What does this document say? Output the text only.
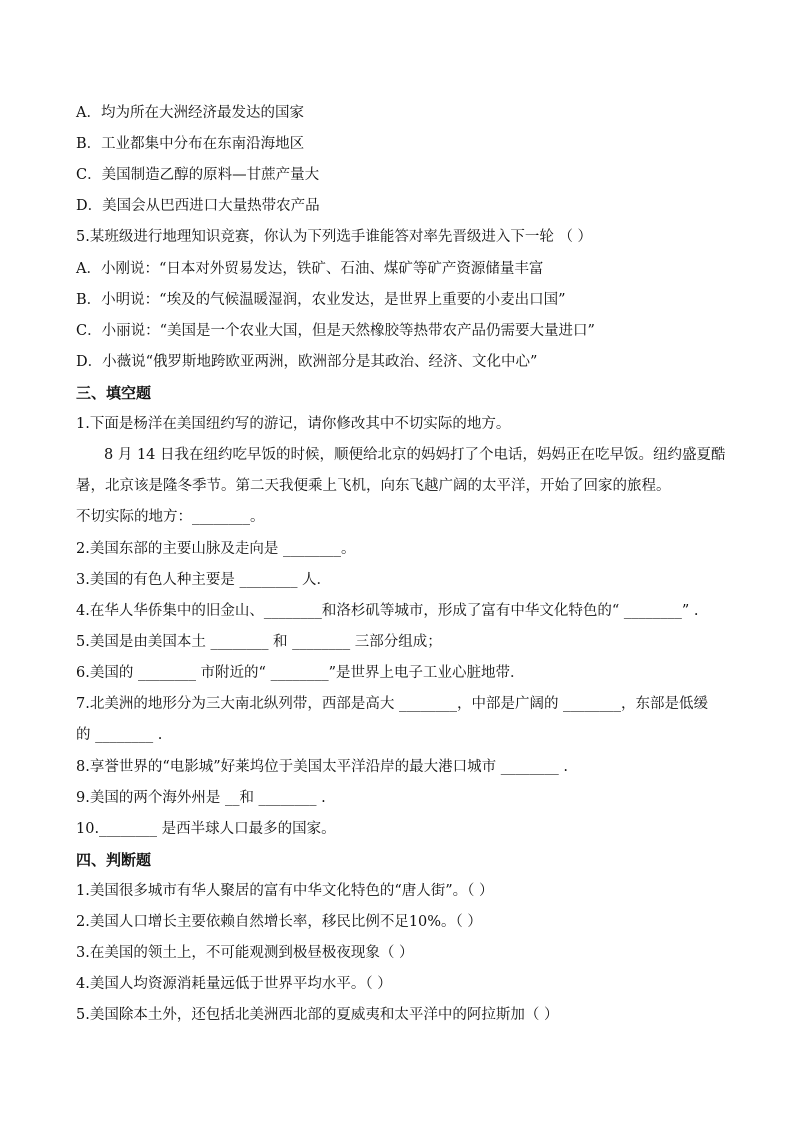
A．均为所在大洲经济最发达的国家
B．工业都集中分布在东南沿海地区
C．美国制造乙醇的原料—甘蔗产量大
D．美国会从巴西进口大量热带农产品
5.某班级进行地理知识竞赛，你认为下列选手谁能答对率先晋级进入下一轮 （ ）
A．小刚说：“日本对外贸易发达，铁矿、石油、煤矿等矿产资源储量丰富
B．小明说：“埃及的气候温暖湿润，农业发达，是世界上重要的小麦出口国”
C．小丽说：“美国是一个农业大国，但是天然橡胶等热带农产品仍需要大量进口”
D．小薇说“俄罗斯地跨欧亚两洲，欧洲部分是其政治、经济、文化中心”
三、填空题
1.下面是杨洋在美国纽约写的游记，请你修改其中不切实际的地方。
8 月 14 日我在纽约吃早饭的时候，顺便给北京的妈妈打了个电话，妈妈正在吃早饭。纽约盛夏酷
暑，北京该是隆冬季节。第二天我便乘上飞机，向东飞越广阔的太平洋，开始了回家的旅程。
不切实际的地方：________。
2.美国东部的主要山脉及走向是 ________。
3.美国的有色人种主要是 ________ 人．
4.在华人华侨集中的旧金山、________和洛杉矶等城市，形成了富有中华文化特色的“ ________” .
5.美国是由美国本土 ________ 和 ________ 三部分组成；
6.美国的 ________ 市附近的“ ________”是世界上电子工业心脏地带．
7.北美洲的地形分为三大南北纵列带，西部是高大 ________，中部是广阔的 ________，东部是低缓
的 ________ .
8.享誉世界的“电影城”好莱坞位于美国太平洋沿岸的最大港口城市 ________ .
9.美国的两个海外州是 __和 ________ .
10.________ 是西半球人口最多的国家。
四、判断题
1.美国很多城市有华人聚居的富有中华文化特色的“唐人街”。（ ）
2.美国人口增长主要依赖自然增长率，移民比例不足10%。（ ）
3.在美国的领土上，不可能观测到极昼极夜现象（ ）
4.美国人均资源消耗量远低于世界平均水平。（ ）
5.美国除本土外，还包括北美洲西北部的夏威夷和太平洋中的阿拉斯加（ ）
